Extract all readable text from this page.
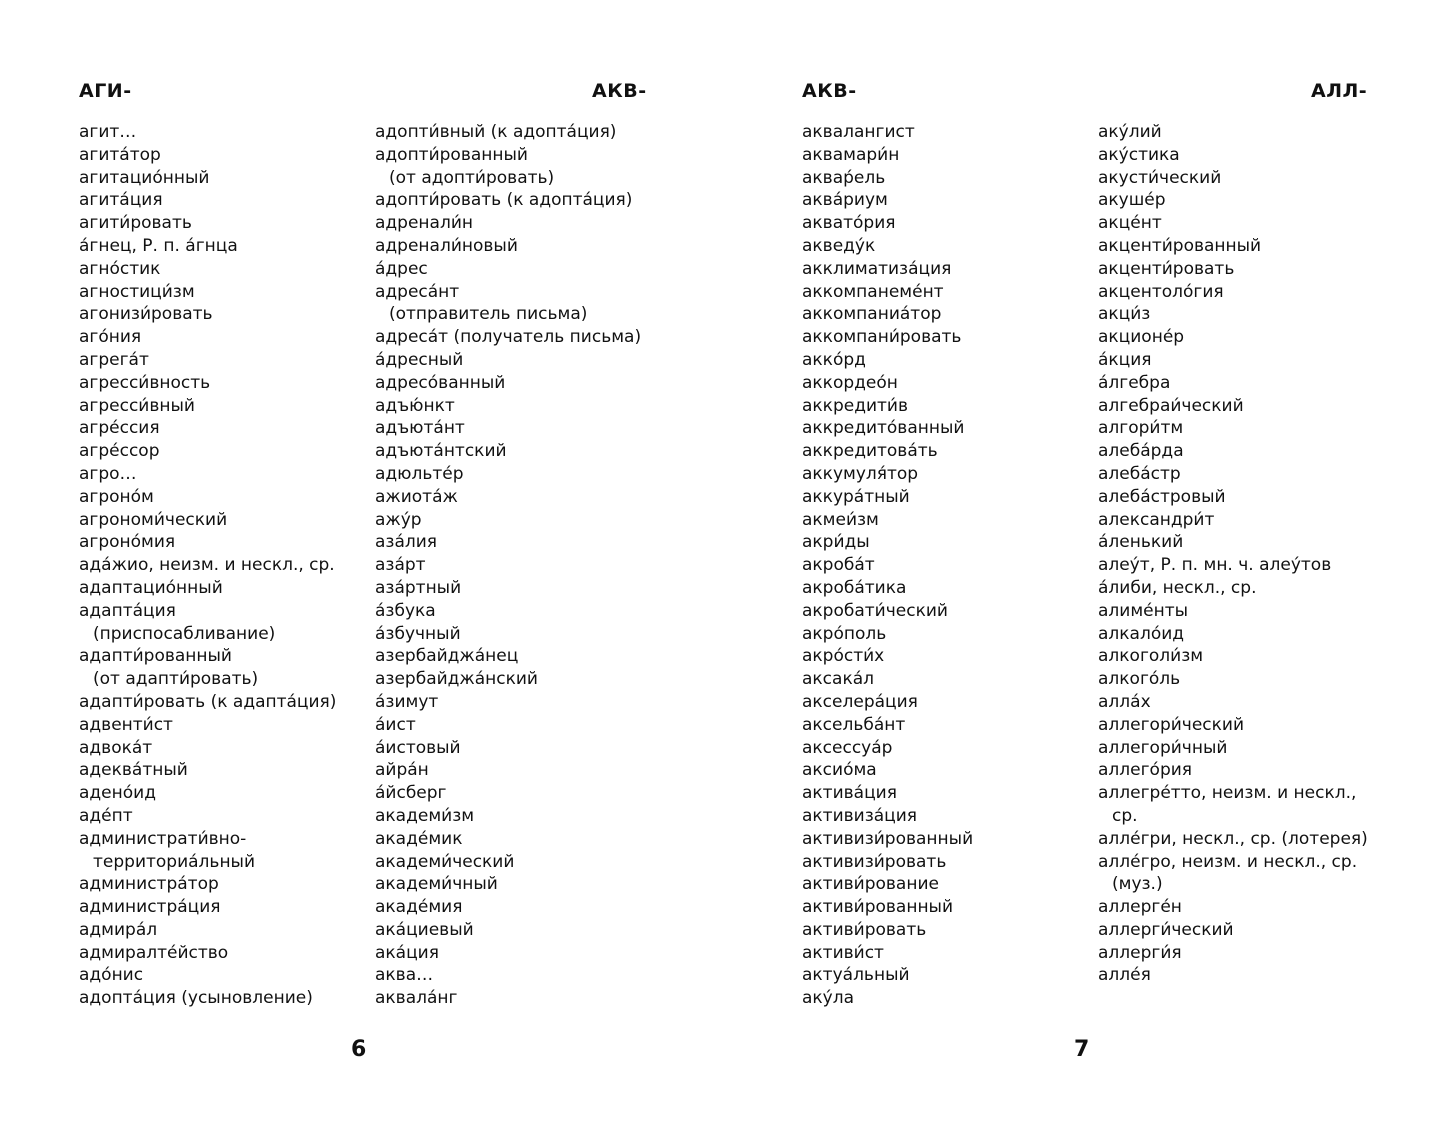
АГИ-	АКВ-
агит…
агита́тор
агитацио́нный
агита́ция
агити́ровать
а́гнец, Р. п. а́гнца
агно́стик
агностици́зм
агонизи́ровать
аго́ния
агрега́т
агресси́вность
агресси́вный
агре́ссия
агре́ссор
агро…
агроно́м
агрономи́ческий
агроно́мия
ада́жио, неизм. и нескл., ср.
адаптацио́нный
адапта́ция
(приспосабливание)
адапти́рованный
(от адапти́ровать)
адапти́ровать (к адапта́ция)
адвенти́ст
адвока́т
адеква́тный
адено́ид
аде́пт
администрати́вно-
территориа́льный
администра́тор
администра́ция
адмира́л
адмиралте́йство
адо́нис
адопта́ция (усыновление)
адопти́вный (к адопта́ция)
адопти́рованный
(от адопти́ровать)
адопти́ровать (к адопта́ция)
адренали́н
адренали́новый
а́дрес
адреса́нт
(отправитель письма)
адреса́т (получатель письма)
а́дресный
адресо́ванный
адъю́нкт
адъюта́нт
адъюта́нтский
адюльте́р
ажиота́ж
ажу́р
аза́лия
аза́рт
аза́ртный
а́збука
а́збучный
азербайджа́нец
азербайджа́нский
а́зимут
а́ист
а́истовый
айра́н
а́йсберг
академи́зм
акаде́мик
академи́ческий
академи́чный
акаде́мия
ака́циевый
ака́ция
аква…
аквала́нг
6
АКВ-	АЛЛ-
аквалангист
аквамари́н
аквар́ель
аква́риум
аквато́рия
акведу́к
акклиматиза́ция
аккомпанеме́нт
аккомпаниа́тор
аккомпани́ровать
акко́рд
аккордео́н
аккредити́в
аккредито́ванный
аккредитова́ть
аккумуля́тор
аккура́тный
акмеи́зм
акри́ды
акроба́т
акроба́тика
акробати́ческий
акро́поль
акро́сти́х
аксака́л
акселера́ция
аксельба́нт
аксессуа́р
аксио́ма
актива́ция
активиза́ция
активизи́рованный
активизи́ровать
активи́рование
активи́рованный
активи́ровать
активи́ст
актуа́льный
аку́ла
аку́лий
аку́стика
акусти́ческий
акуше́р
акце́нт
акценти́рованный
акценти́ровать
акцентоло́гия
акци́з
акционе́р
а́кция
а́лгебра
алгебраи́ческий
алгори́тм
алеба́рда
алеба́стр
алеба́стровый
александри́т
а́ленький
алеу́т, Р. п. мн. ч. алеу́тов
а́либи, нескл., ср.
алиме́нты
алкало́ид
алкоголи́зм
алкого́ль
алла́х
аллегори́ческий
аллегори́чный
аллего́рия
аллегре́тто, неизм. и нескл.,
ср.
алле́гри, нескл., ср. (лотерея)
алле́гро, неизм. и нескл., ср.
(муз.)
аллерге́н
аллерги́ческий
аллерги́я
алле́я
7
